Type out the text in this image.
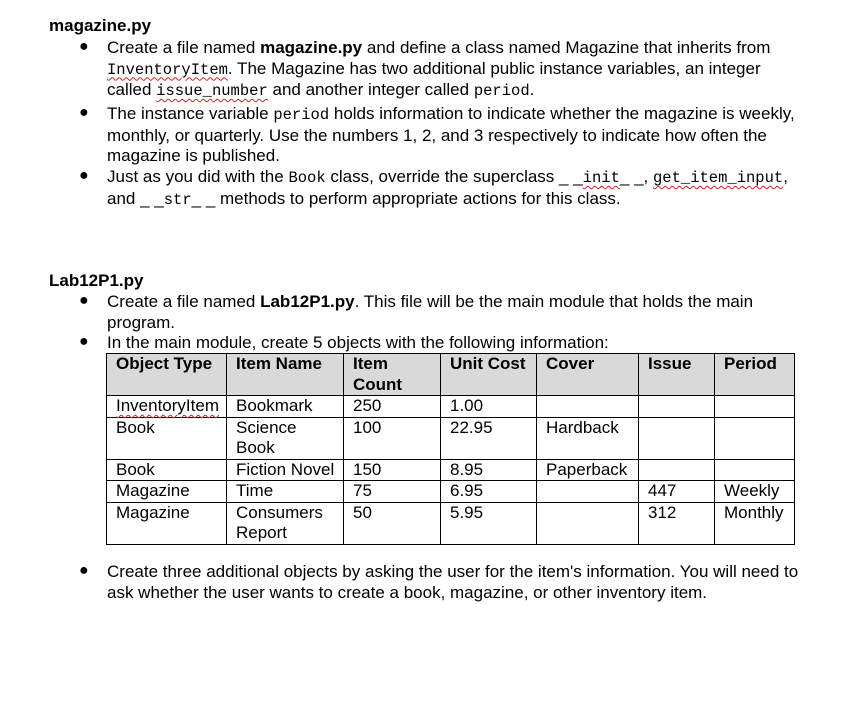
magazine.py
● Create a file named magazine.py and define a class named Magazine that inherits from InventoryItem. The Magazine has two additional public instance variables, an integer called issue_number and another integer called period.
● The instance variable period holds information to indicate whether the magazine is weekly, monthly, or quarterly. Use the numbers 1, 2, and 3 respectively to indicate how often the magazine is published.
● Just as you did with the Book class, override the superclass _ _init_ _, get_item_input, and _ _str_ _ methods to perform appropriate actions for this class.
Lab12P1.py
● Create a file named Lab12P1.py. This file will be the main module that holds the main program.
● In the main module, create 5 objects with the following information:
Object Type	Item Name	Item Count	Unit Cost	Cover	Issue	Period
InventoryItem	Bookmark	250	1.00			
Book	Science Book	100	22.95	Hardback		
Book	Fiction Novel	150	8.95	Paperback		
Magazine	Time	75	6.95		447	Weekly
Magazine	Consumers Report	50	5.95		312	Monthly
● Create three additional objects by asking the user for the item's information. You will need to ask whether the user wants to create a book, magazine, or other inventory item.
